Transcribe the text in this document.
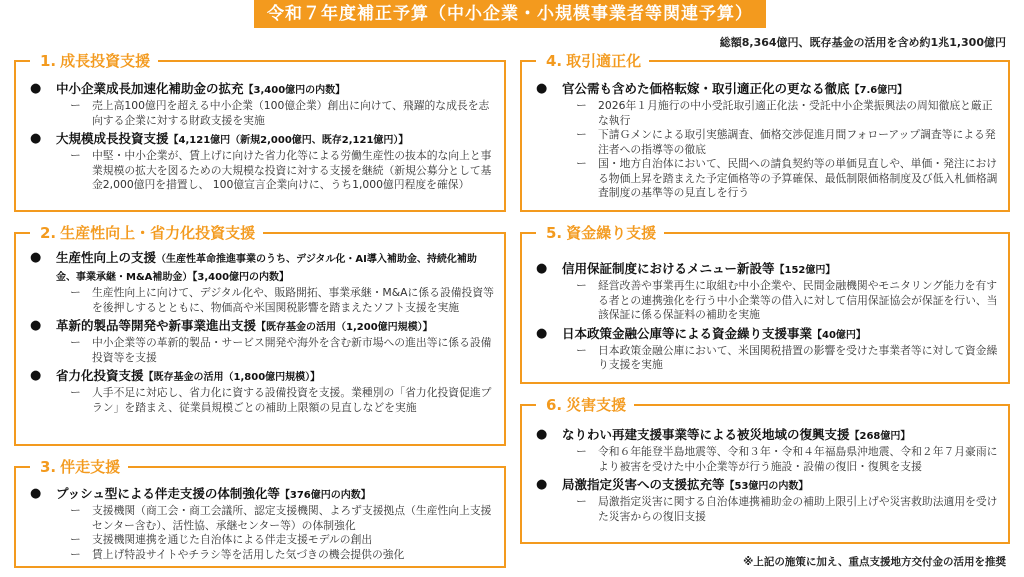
令和７年度補正予算（中小企業・小規模事業者等関連予算）
総額8,364億円、既存基金の活用を含め約1兆1,300億円
1. 成長投資支援
●	中小企業成長加速化補助金の拡充【3,400億円の内数】
ー	売上高100億円を超える中小企業（100億企業）創出に向けて、飛躍的な成長を志向する企業に対する財政支援を実施
●	大規模成長投資支援【4,121億円（新規2,000億円、既存2,121億円）】
ー	中堅・中小企業が、賃上げに向けた省力化等による労働生産性の抜本的な向上と事業規模の拡大を図るための大規模な投資に対する支援を継続（新規公募分として基金2,000億円を措置し、 100億宣言企業向けに、うち1,000億円程度を確保）
2. 生産性向上・省力化投資支援
●	生産性向上の支援（生産性革命推進事業のうち、デジタル化・AI導入補助金、持続化補助金、事業承継・M&A補助金）【3,400億円の内数】
ー	生産性向上に向けて、デジタル化や、販路開拓、事業承継・M&Aに係る設備投資等を後押しするとともに、物価高や米国関税影響を踏まえたソフト支援を実施
●	革新的製品等開発や新事業進出支援【既存基金の活用（1,200億円規模）】
ー	中小企業等の革新的製品・サービス開発や海外を含む新市場への進出等に係る設備投資等を支援
●	省力化投資支援【既存基金の活用（1,800億円規模）】
ー	人手不足に対応し、省力化に資する設備投資を支援。業種別の「省力化投資促進プラン」を踏まえ、従業員規模ごとの補助上限額の見直しなどを実施
3. 伴走支援
●	プッシュ型による伴走支援の体制強化等【376億円の内数】
ー	支援機関（商工会・商工会議所、認定支援機関、よろず支援拠点（生産性向上支援センター含む）、活性協、承継センター等）の体制強化
ー	支援機関連携を通じた自治体による伴走支援モデルの創出
ー	賃上げ特設サイトやチラシ等を活用した気づきの機会提供の強化
4. 取引適正化
●	官公需も含めた価格転嫁・取引適正化の更なる徹底【7.6億円】
ー	2026年１月施行の中小受託取引適正化法・受託中小企業振興法の周知徹底と厳正な執行
ー	下請Ｇメンによる取引実態調査、価格交渉促進月間フォローアップ調査等による発注者への指導等の徹底
ー	国・地方自治体において、民間への請負契約等の単価見直しや、単価・発注における物価上昇を踏まえた予定価格等の予算確保、最低制限価格制度及び低入札価格調査制度の基準等の見直しを行う
5. 資金繰り支援
●	信用保証制度におけるメニュー新設等【152億円】
ー	経営改善や事業再生に取組む中小企業や、民間金融機関やモニタリング能力を有する者との連携強化を行う中小企業等の借入に対して信用保証協会が保証を行い、当該保証に係る保証料の補助を実施
●	日本政策金融公庫等による資金繰り支援事業【40億円】
ー	日本政策金融公庫において、米国関税措置の影響を受けた事業者等に対して資金繰り支援を実施
6. 災害支援
●	なりわい再建支援事業等による被災地域の復興支援【268億円】
ー	令和６年能登半島地震等、令和３年・令和４年福島県沖地震、令和２年７月豪雨により被害を受けた中小企業等が行う施設・設備の復旧・復興を支援
●	局激指定災害への支援拡充等【53億円の内数】
ー	局激指定災害に関する自治体連携補助金の補助上限引上げや災害救助法適用を受けた災害からの復旧支援
※上記の施策に加え、重点支援地方交付金の活用を推奨
